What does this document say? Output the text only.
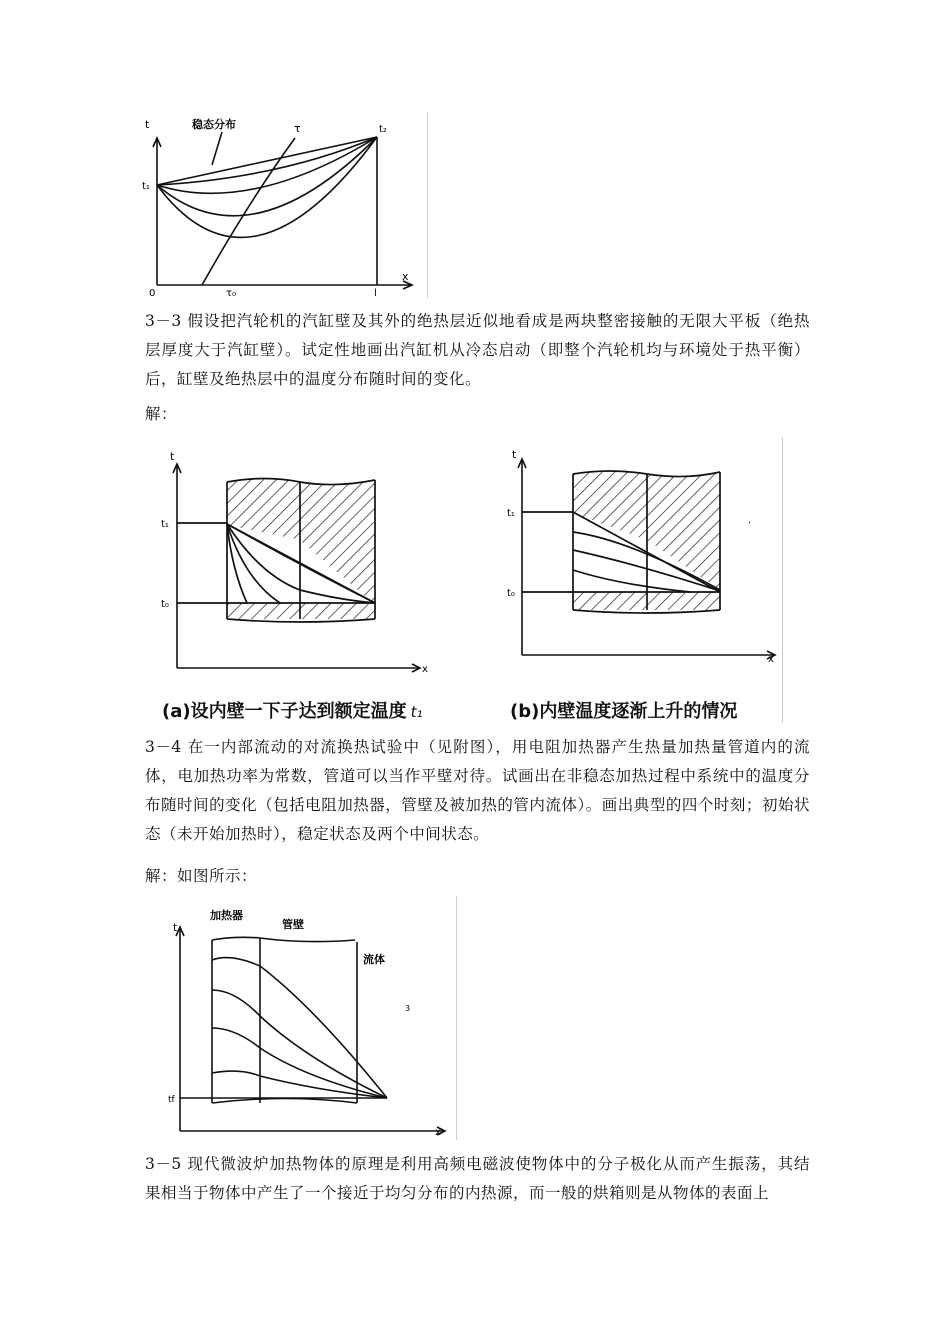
稳态分布	τ
t
t₁
t₂
0	l
τ₀
x

3－3 假设把汽轮机的汽缸壁及其外的绝热层近似地看成是两块整密接触的无限大平板（绝热层厚度大于汽缸壁）。试定性地画出汽缸机从冷态启动（即整个汽轮机均与环境处于热平衡）后，缸壁及绝热层中的温度分布随时间的变化。

解：

t
t₁
t₀
x
t
t₁
t₀
x
·
(a)设内壁一下子达到额定温度 t₁	(b)内壁温度逐渐上升的情况

3－4 在一内部流动的对流换热试验中（见附图），用电阻加热器产生热量加热量管道内的流体，电加热功率为常数，管道可以当作平壁对待。试画出在非稳态加热过程中系统中的温度分布随时间的变化（包括电阻加热器，管壁及被加热的管内流体）。画出典型的四个时刻；初始状态（未开始加热时），稳定状态及两个中间状态。

解：如图所示：

t
加热器
管壁
流体
tf
x
3

3－5 现代微波炉加热物体的原理是利用高频电磁波使物体中的分子极化从而产生振荡，其结果相当于物体中产生了一个接近于均匀分布的内热源，而一般的烘箱则是从物体的表面上
